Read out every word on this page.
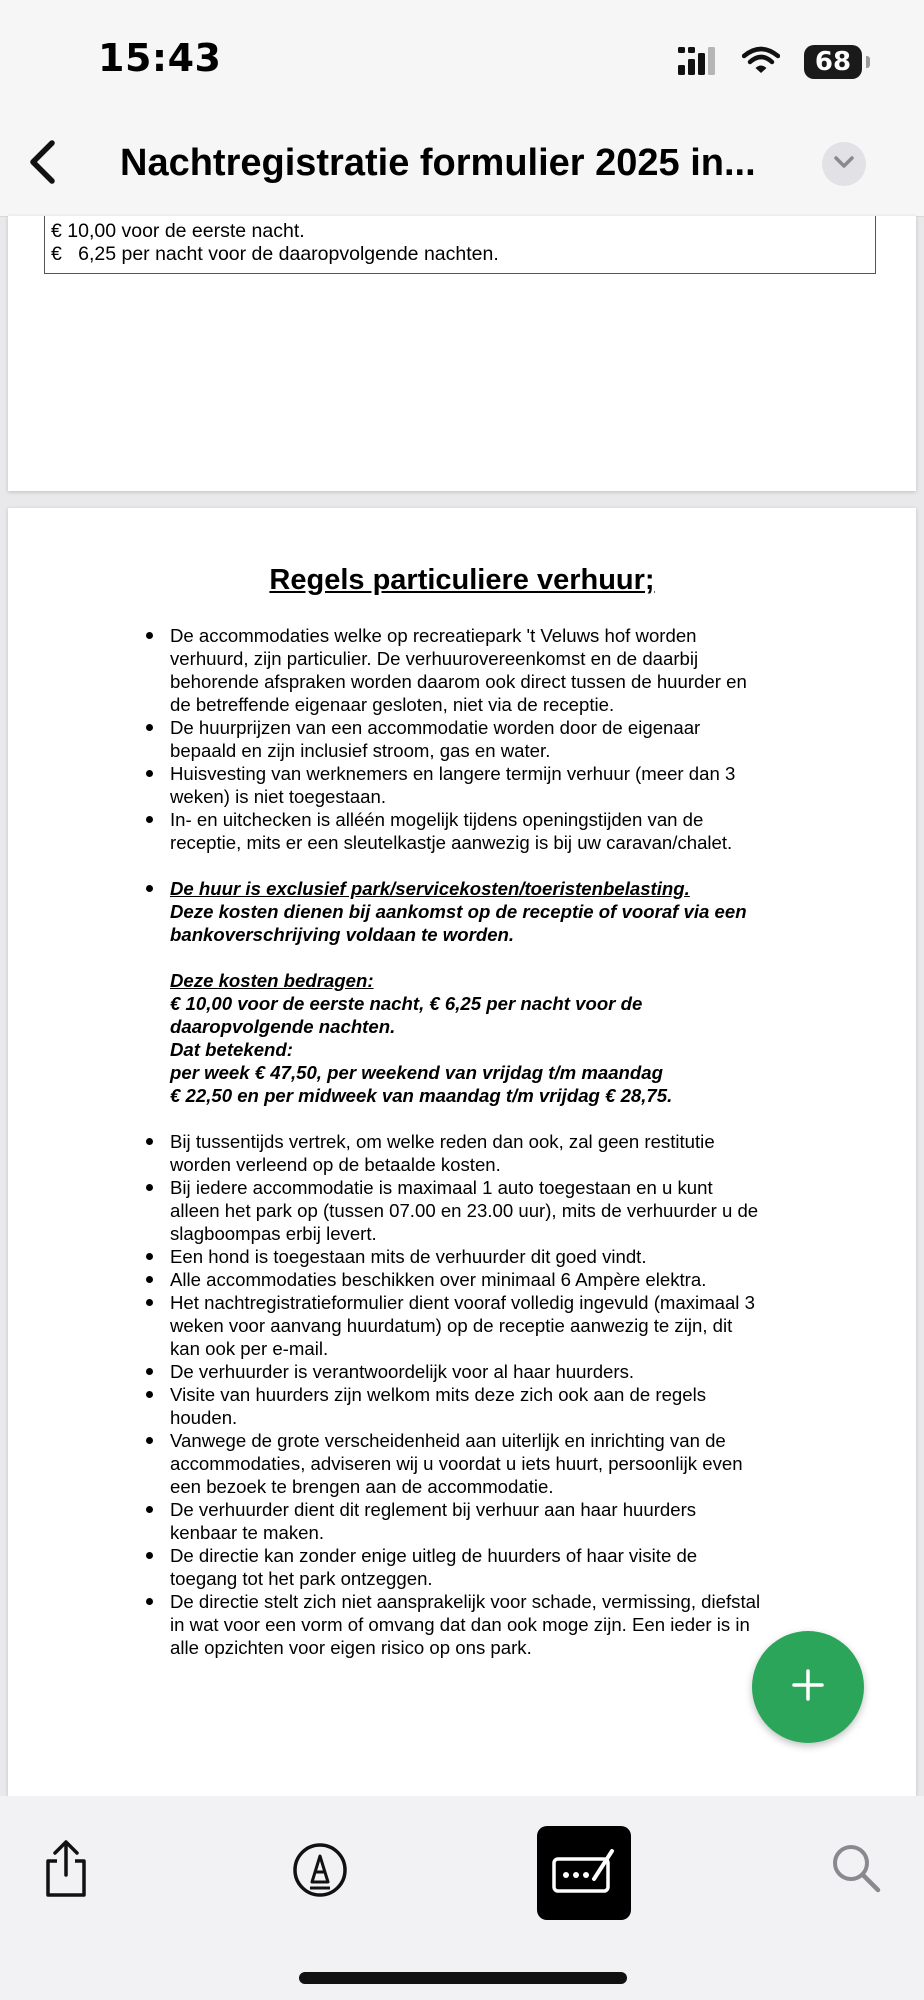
15:43	68
Nachtregistratie formulier 2025 in...
€ 10,00 voor de eerste nacht.
€   6,25 per nacht voor de daaropvolgende nachten.
Regels particuliere verhuur;
De accommodaties welke op recreatiepark 't Veluws hof worden
verhuurd, zijn particulier. De verhuurovereenkomst en de daarbij
behorende afspraken worden daarom ook direct tussen de huurder en
de betreffende eigenaar gesloten, niet via de receptie.
De huurprijzen van een accommodatie worden door de eigenaar
bepaald en zijn inclusief stroom, gas en water.
Huisvesting van werknemers en langere termijn verhuur (meer dan 3
weken) is niet toegestaan.
In- en uitchecken is alléén mogelijk tijdens openingstijden van de
receptie, mits er een sleutelkastje aanwezig is bij uw caravan/chalet.
De huur is exclusief park/servicekosten/toeristenbelasting.
Deze kosten dienen bij aankomst op de receptie of vooraf via een
bankoverschrijving voldaan te worden.
Deze kosten bedragen:
€ 10,00 voor de eerste nacht, € 6,25 per nacht voor de
daaropvolgende nachten.
Dat betekend:
per week € 47,50, per weekend van vrijdag t/m maandag
€ 22,50 en per midweek van maandag t/m vrijdag € 28,75.
Bij tussentijds vertrek, om welke reden dan ook, zal geen restitutie
worden verleend op de betaalde kosten.
Bij iedere accommodatie is maximaal 1 auto toegestaan en u kunt
alleen het park op (tussen 07.00 en 23.00 uur), mits de verhuurder u de
slagboompas erbij levert.
Een hond is toegestaan mits de verhuurder dit goed vindt.
Alle accommodaties beschikken over minimaal 6 Ampère elektra.
Het nachtregistratieformulier dient vooraf volledig ingevuld (maximaal 3
weken voor aanvang huurdatum) op de receptie aanwezig te zijn, dit
kan ook per e-mail.
De verhuurder is verantwoordelijk voor al haar huurders.
Visite van huurders zijn welkom mits deze zich ook aan de regels
houden.
Vanwege de grote verscheidenheid aan uiterlijk en inrichting van de
accommodaties, adviseren wij u voordat u iets huurt, persoonlijk even
een bezoek te brengen aan de accommodatie.
De verhuurder dient dit reglement bij verhuur aan haar huurders
kenbaar te maken.
De directie kan zonder enige uitleg de huurders of haar visite de
toegang tot het park ontzeggen.
De directie stelt zich niet aansprakelijk voor schade, vermissing, diefstal
in wat voor een vorm of omvang dat dan ook moge zijn. Een ieder is in
alle opzichten voor eigen risico op ons park.
